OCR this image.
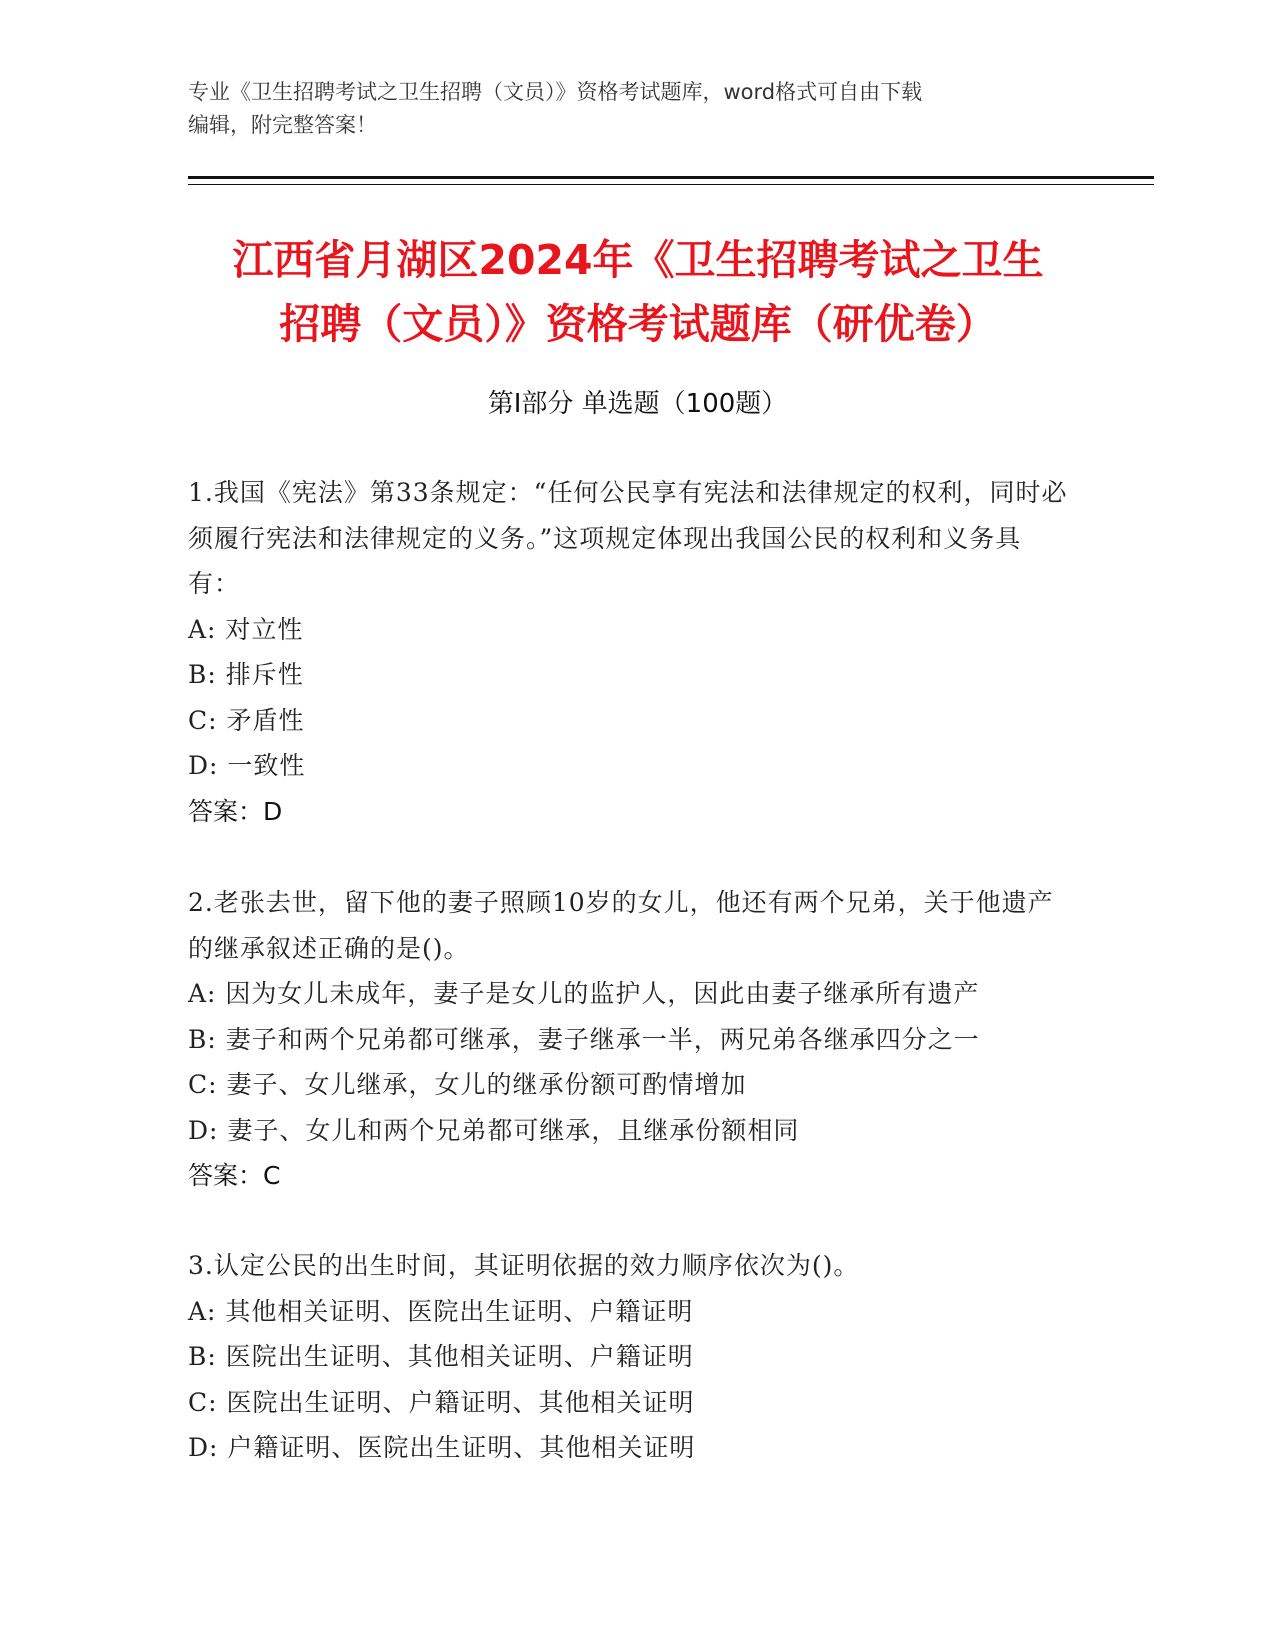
专业《卫生招聘考试之卫生招聘（文员）》资格考试题库，word格式可自由下载
编辑，附完整答案！
江西省月湖区2024年《卫生招聘考试之卫生
招聘（文员）》资格考试题库（研优卷）
第Ⅰ部分 单选题（100题）

1.我国《宪法》第33条规定：“任何公民享有宪法和法律规定的权利，同时必须履行宪法和法律规定的义务。”这项规定体现出我国公民的权利和义务具有：

A: 对立性

B: 排斥性

C: 矛盾性

D: 一致性

答案：D

2.老张去世，留下他的妻子照顾10岁的女儿，他还有两个兄弟，关于他遗产的继承叙述正确的是()。

A: 因为女儿未成年，妻子是女儿的监护人，因此由妻子继承所有遗产

B: 妻子和两个兄弟都可继承，妻子继承一半，两兄弟各继承四分之一

C: 妻子、女儿继承，女儿的继承份额可酌情增加

D: 妻子、女儿和两个兄弟都可继承，且继承份额相同

答案：C

3.认定公民的出生时间，其证明依据的效力顺序依次为()。

A: 其他相关证明、医院出生证明、户籍证明

B: 医院出生证明、其他相关证明、户籍证明

C: 医院出生证明、户籍证明、其他相关证明

D: 户籍证明、医院出生证明、其他相关证明
